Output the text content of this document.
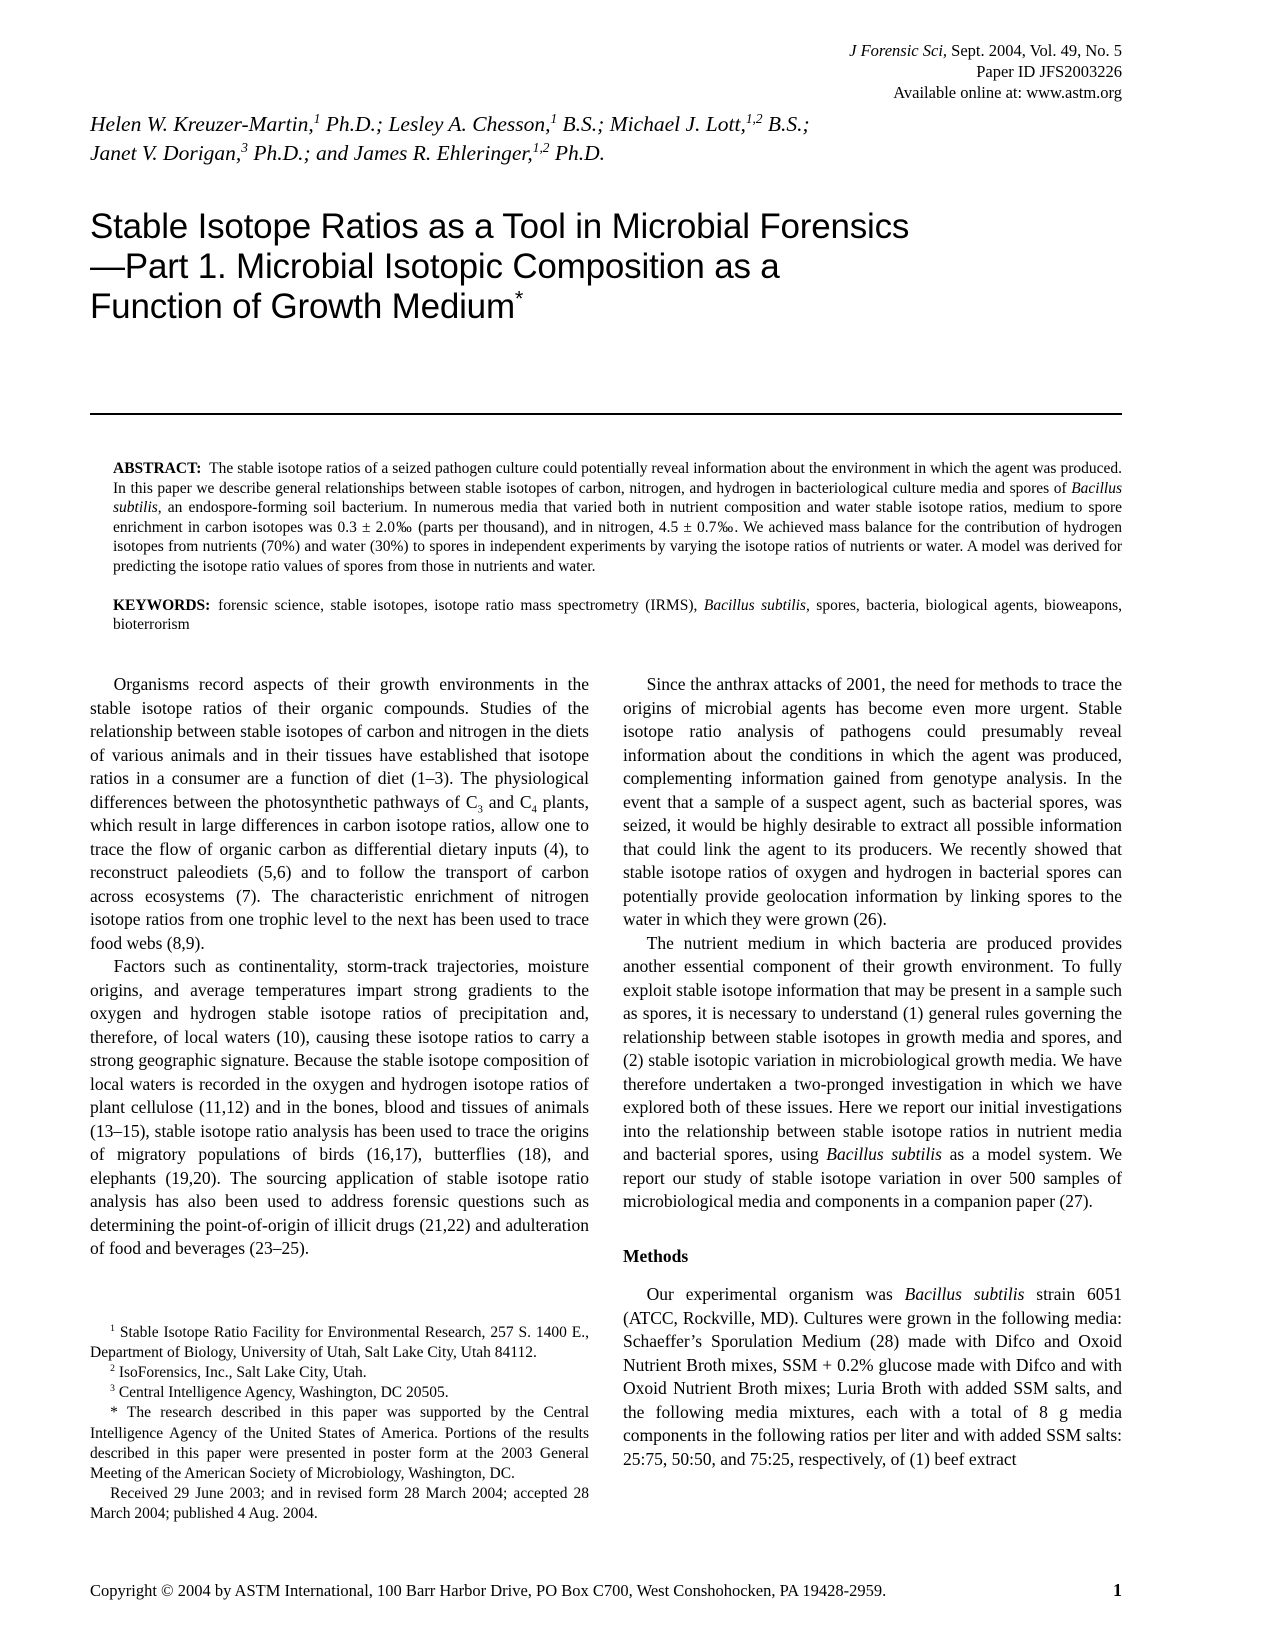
J Forensic Sci, Sept. 2004, Vol. 49, No. 5
Paper ID JFS2003226
Available online at: www.astm.org
Helen W. Kreuzer-Martin,$^1$ Ph.D.; Lesley A. Chesson,$^1$ B.S.; Michael J. Lott,$^{1,2}$ B.S.;
Janet V. Dorigan,$^3$ Ph.D.; and James R. Ehleringer,$^{1,2}$ Ph.D.
Stable Isotope Ratios as a Tool in Microbial Forensics—Part 1. Microbial Isotopic Composition as a Function of Growth Medium*

ABSTRACT: The stable isotope ratios of a seized pathogen culture could potentially reveal information about the environment in which the agent was produced. In this paper we describe general relationships between stable isotopes of carbon, nitrogen, and hydrogen in bacteriological culture media and spores of Bacillus subtilis, an endospore-forming soil bacterium. In numerous media that varied both in nutrient composition and water stable isotope ratios, medium to spore enrichment in carbon isotopes was 0.3 ± 2.0‰ (parts per thousand), and in nitrogen, 4.5 ± 0.7‰. We achieved mass balance for the contribution of hydrogen isotopes from nutrients (70%) and water (30%) to spores in independent experiments by varying the isotope ratios of nutrients or water. A model was derived for predicting the isotope ratio values of spores from those in nutrients and water.

KEYWORDS: forensic science, stable isotopes, isotope ratio mass spectrometry (IRMS), Bacillus subtilis, spores, bacteria, biological agents, bioweapons, bioterrorism

Organisms record aspects of their growth environments in the stable isotope ratios of their organic compounds. Studies of the relationship between stable isotopes of carbon and nitrogen in the diets of various animals and in their tissues have established that isotope ratios in a consumer are a function of diet (1–3). The physiological differences between the photosynthetic pathways of $C_3$ and $C_4$ plants, which result in large differences in carbon isotope ratios, allow one to trace the flow of organic carbon as differential dietary inputs (4), to reconstruct paleodiets (5,6) and to follow the transport of carbon across ecosystems (7). The characteristic enrichment of nitrogen isotope ratios from one trophic level to the next has been used to trace food webs (8,9).

Factors such as continentality, storm-track trajectories, moisture origins, and average temperatures impart strong gradients to the oxygen and hydrogen stable isotope ratios of precipitation and, therefore, of local waters (10), causing these isotope ratios to carry a strong geographic signature. Because the stable isotope composition of local waters is recorded in the oxygen and hydrogen isotope ratios of plant cellulose (11,12) and in the bones, blood and tissues of animals (13–15), stable isotope ratio analysis has been used to trace the origins of migratory populations of birds (16,17), butterflies (18), and elephants (19,20). The sourcing application of stable isotope ratio analysis has also been used to address forensic questions such as determining the point-of-origin of illicit drugs (21,22) and adulteration of food and beverages (23–25).

$^1$ Stable Isotope Ratio Facility for Environmental Research, 257 S. 1400 E., Department of Biology, University of Utah, Salt Lake City, Utah 84112.

$^2$ IsoForensics, Inc., Salt Lake City, Utah.

$^3$ Central Intelligence Agency, Washington, DC 20505.

* The research described in this paper was supported by the Central Intelligence Agency of the United States of America. Portions of the results described in this paper were presented in poster form at the 2003 General Meeting of the American Society of Microbiology, Washington, DC.

Received 29 June 2003; and in revised form 28 March 2004; accepted 28 March 2004; published 4 Aug. 2004.

Since the anthrax attacks of 2001, the need for methods to trace the origins of microbial agents has become even more urgent. Stable isotope ratio analysis of pathogens could presumably reveal information about the conditions in which the agent was produced, complementing information gained from genotype analysis. In the event that a sample of a suspect agent, such as bacterial spores, was seized, it would be highly desirable to extract all possible information that could link the agent to its producers. We recently showed that stable isotope ratios of oxygen and hydrogen in bacterial spores can potentially provide geolocation information by linking spores to the water in which they were grown (26).

The nutrient medium in which bacteria are produced provides another essential component of their growth environment. To fully exploit stable isotope information that may be present in a sample such as spores, it is necessary to understand (1) general rules governing the relationship between stable isotopes in growth media and spores, and (2) stable isotopic variation in microbiological growth media. We have therefore undertaken a two-pronged investigation in which we have explored both of these issues. Here we report our initial investigations into the relationship between stable isotope ratios in nutrient media and bacterial spores, using Bacillus subtilis as a model system. We report our study of stable isotope variation in over 500 samples of microbiological media and components in a companion paper (27).

Methods

Our experimental organism was Bacillus subtilis strain 6051 (ATCC, Rockville, MD). Cultures were grown in the following media: Schaeffer’s Sporulation Medium (28) made with Difco and Oxoid Nutrient Broth mixes, SSM + 0.2% glucose made with Difco and with Oxoid Nutrient Broth mixes; Luria Broth with added SSM salts, and the following media mixtures, each with a total of 8 g media components in the following ratios per liter and with added SSM salts: 25:75, 50:50, and 75:25, respectively, of (1) beef extract

Copyright © 2004 by ASTM International, 100 Barr Harbor Drive, PO Box C700, West Conshohocken, PA 19428-2959.	1
